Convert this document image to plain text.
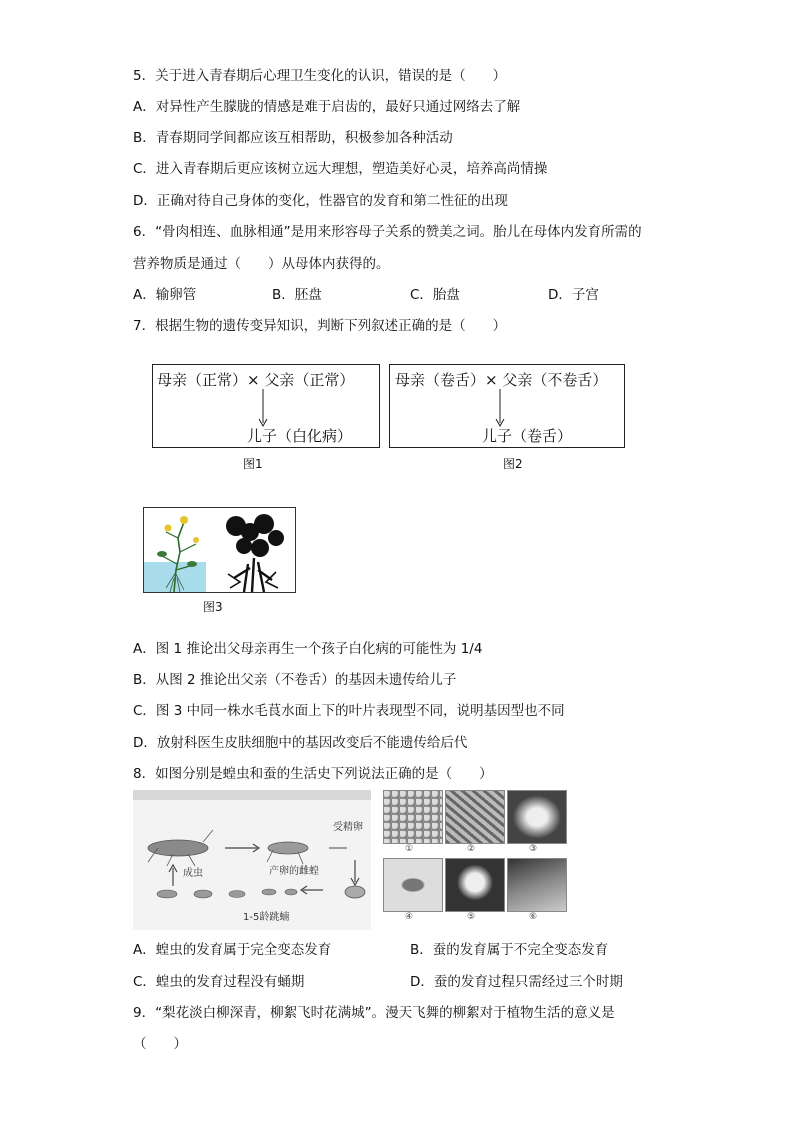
5．关于进入青春期后心理卫生变化的认识，错误的是（　　）
A．对异性产生朦胧的情感是难于启齿的，最好只通过网络去了解
B．青春期同学间都应该互相帮助，积极参加各种活动
C．进入青春期后更应该树立远大理想，塑造美好心灵，培养高尚情操
D．正确对待自己身体的变化，性器官的发育和第二性征的出现
6．“骨肉相连、血脉相通”是用来形容母子关系的赞美之词。胎儿在母体内发育所需的
营养物质是通过（　　）从母体内获得的。
A．输卵管	B．胚盘	C．胎盘	D．子宫
7．根据生物的遗传变异知识，判断下列叙述正确的是（　　）
母亲（正常）× 父亲（正常）
儿子（白化病）
图1
母亲（卷舌）× 父亲（不卷舌）
儿子（卷舌）
图2
图3
A．图 1 推论出父母亲再生一个孩子白化病的可能性为 1/4
B．从图 2 推论出父亲（不卷舌）的基因未遗传给儿子
C．图 3 中同一株水毛茛水面上下的叶片表现型不同，说明基因型也不同
D．放射科医生皮肤细胞中的基因改变后不能遗传给后代
8．如图分别是蝗虫和蚕的生活史下列说法正确的是（　　）
成虫
受精卵
产卵的雌蝗
1-5龄跳蝻
①	②	③
④	⑤	⑥
A．蝗虫的发育属于完全变态发育	B．蚕的发育属于不完全变态发育
C．蝗虫的发育过程没有蛹期	D．蚕的发育过程只需经过三个时期
9．“梨花淡白柳深青，柳絮飞时花满城”。漫天飞舞的柳絮对于植物生活的意义是
（　　）
